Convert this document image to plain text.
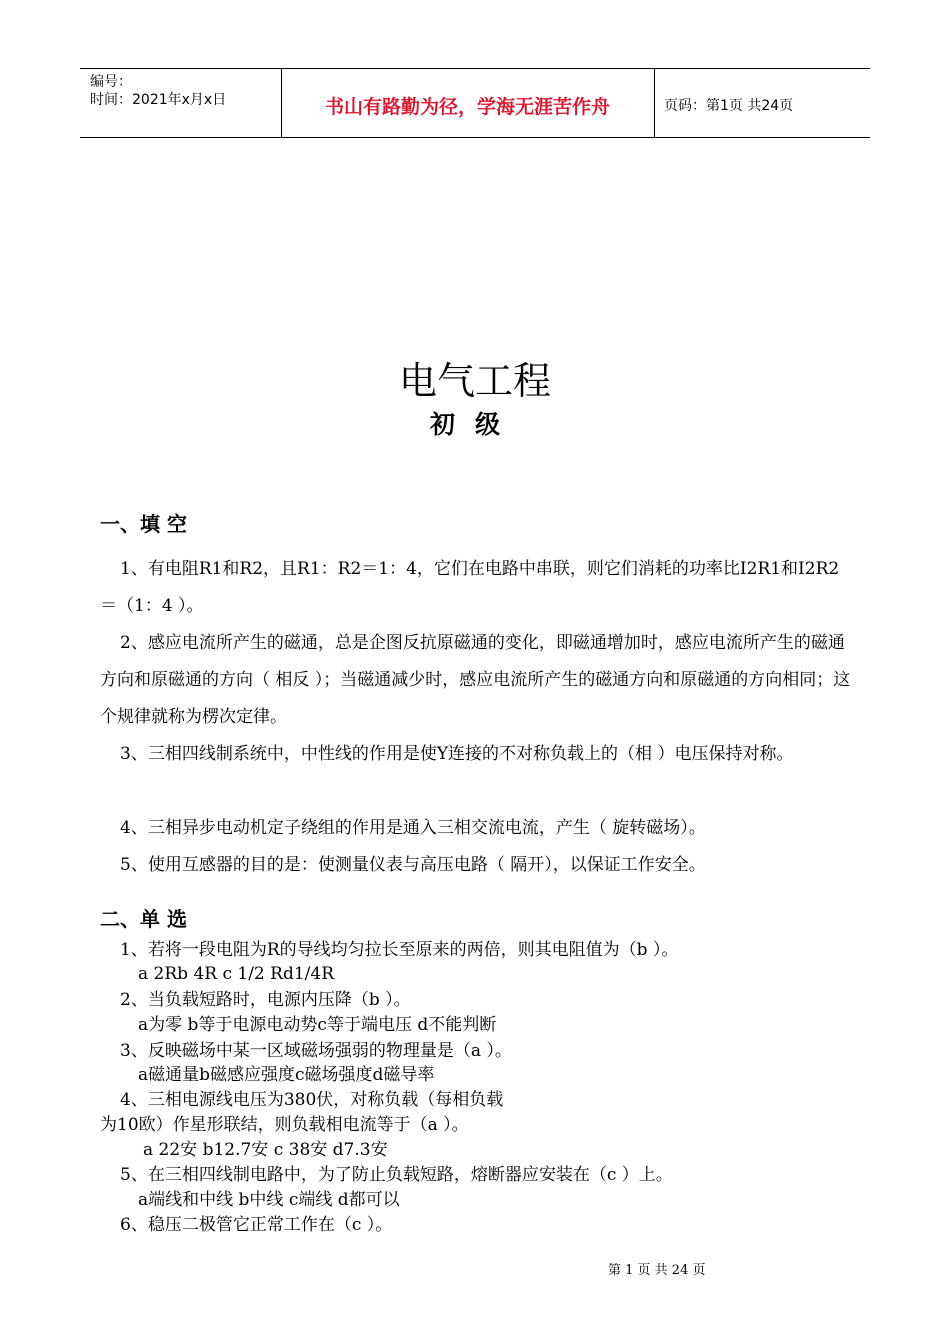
编号：
时间：2021年x月x日	书山有路勤为径，学海无涯苦作舟	页码：第1页 共24页
电气工程
初级
一、填 空
1、有电阻R1和R2，且R1：R2＝1：4，它们在电路中串联，则它们消耗的功率比I2R1和I2R2＝（1：4 ）。
2、感应电流所产生的磁通，总是企图反抗原磁通的变化，即磁通增加时，感应电流所产生的磁通方向和原磁通的方向（ 相反 ）；当磁通减少时，感应电流所产生的磁通方向和原磁通的方向相同；这个规律就称为楞次定律。
3、三相四线制系统中，中性线的作用是使Y连接的不对称负载上的（相 ）电压保持对称。
4、三相异步电动机定子绕组的作用是通入三相交流电流，产生（ 旋转磁场）。
5、使用互感器的目的是：使测量仪表与高压电路（ 隔开），以保证工作安全。
二、单 选
1、若将一段电阻为R的导线均匀拉长至原来的两倍，则其电阻值为（b ）。
a 2Rb 4R c 1/2 Rd1/4R
2、当负载短路时，电源内压降（b ）。
a为零 b等于电源电动势c等于端电压 d不能判断
3、反映磁场中某一区域磁场强弱的物理量是（a ）。
a磁通量b磁感应强度c磁场强度d磁导率
4、三相电源线电压为380伏，对称负载（每相负载
为10欧）作星形联结，则负载相电流等于（a ）。
a 22安 b12.7安 c 38安 d7.3安
5、在三相四线制电路中，为了防止负载短路，熔断器应安装在（c ）上。
a端线和中线 b中线 c端线 d都可以
6、稳压二极管它正常工作在（c ）。
第 1 页 共 24 页
